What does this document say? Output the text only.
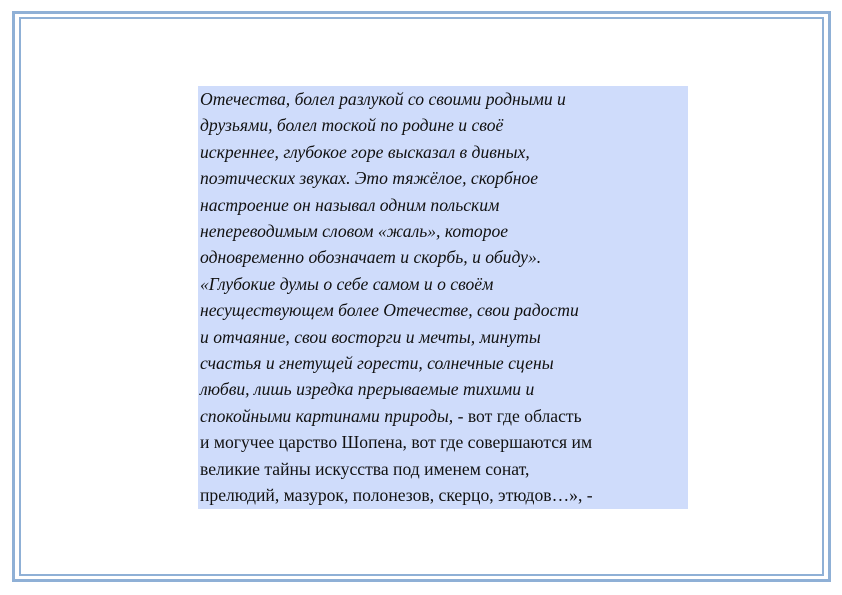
Отечества, болел разлукой со своими родными и
друзьями, болел тоской по родине и своё
искреннее, глубокое горе высказал в дивных,
поэтических звуках. Это тяжёлое, скорбное
настроение он называл одним польским
непереводимым словом «жаль», которое
одновременно обозначает и скорбь, и обиду».
«Глубокие думы о себе самом и о своём
несуществующем более Отечестве, свои радости
и отчаяние, свои восторги и мечты, минуты
счастья и гнетущей горести, солнечные сцены
любви, лишь изредка прерываемые тихими и
спокойными картинами природы, - вот где область
и могучее царство Шопена, вот где совершаются им
великие тайны искусства под именем сонат,
прелюдий, мазурок, полонезов, скерцо, этюдов…», -
